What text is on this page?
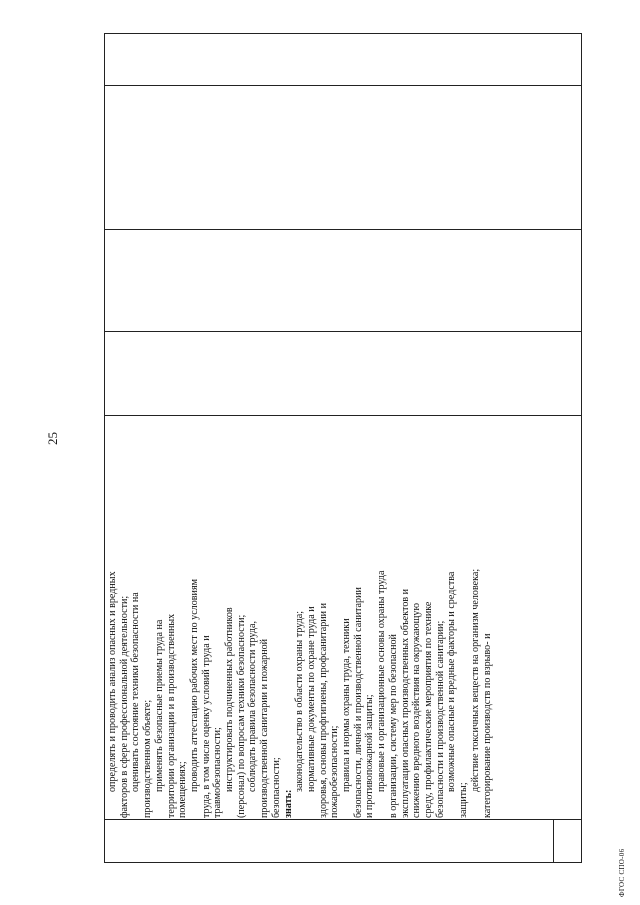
25

определять и проводить анализ опасных и вредных факторов в сфере профессиональной деятельности; оценивать состояние техники безопасности на производственном объекте; применять безопасные приемы труда на территории организации и в производственных помещениях; проводить аттестацию рабочих мест по условиям труда, в том числе оценку условий труда и травмобезопасности; инструктировать подчиненных работников (персонал) по вопросам техники безопасности; соблюдать правила безопасности труда, производственной санитарии и пожарной безопасности; знать:

законодательство в области охраны труда; нормативные документы по охране труда и здоровья, основы профгигиены, профсанитарии и пожаробезопасности; правила и нормы охраны труда, техники безопасности, личной и производственной санитарии и противопожарной защиты; правовые и организационные основы охраны труда в организации, систему мер по безопасной эксплуатации опасных производственных объектов и снижению вредного воздействия на окружающую среду, профилактические мероприятия по технике безопасности и производственной санитарии; возможные опасные и вредные факторы и средства

защиты;

действие токсичных веществ на организм человека; категорирование производств по взрыво- и

ФГОС СПО-06
